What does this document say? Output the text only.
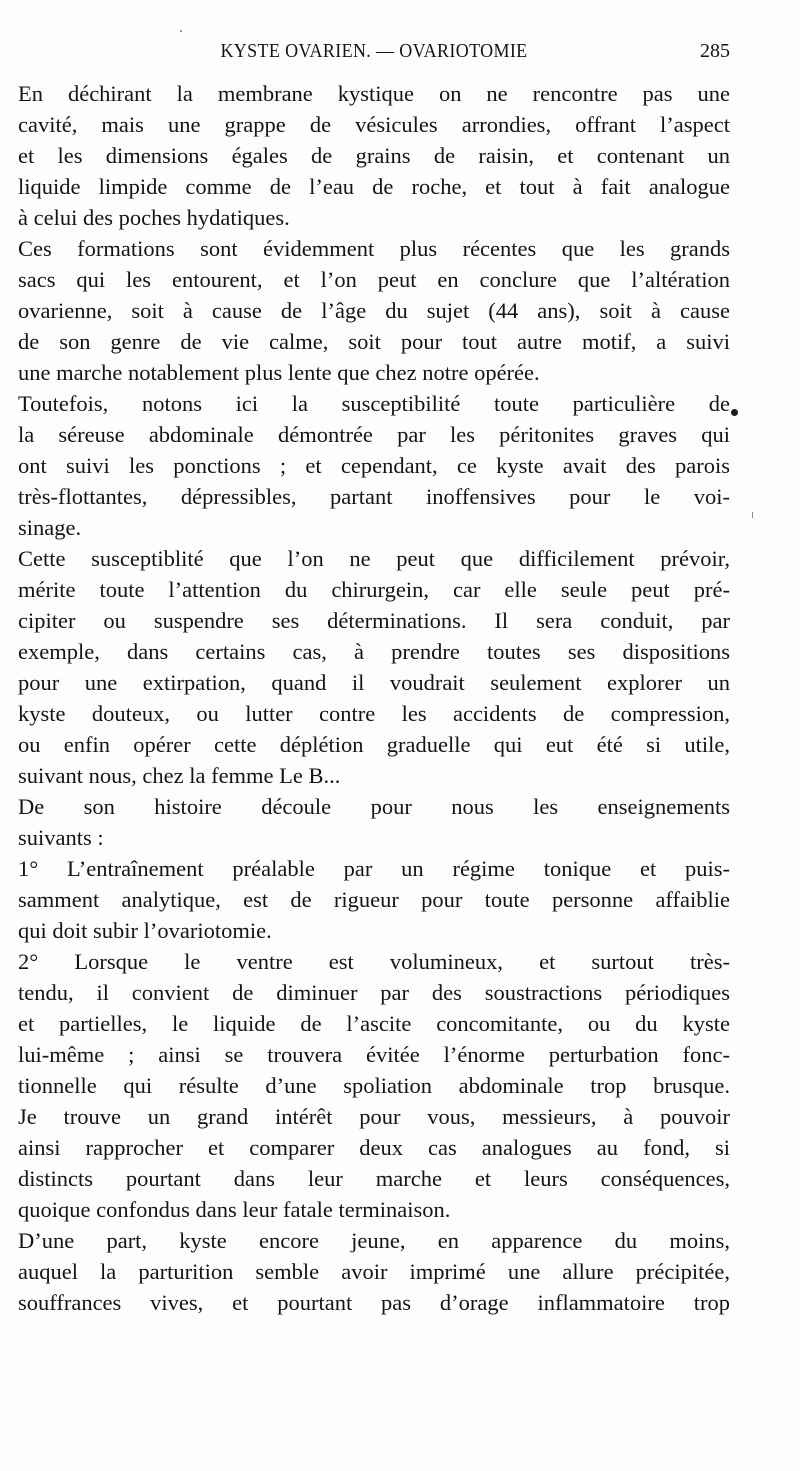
KYSTE OVARIEN. — OVARIOTOMIE	285
En déchirant la membrane kystique on ne rencontre pas une
cavité, mais une grappe de vésicules arrondies, offrant l’aspect
et les dimensions égales de grains de raisin, et contenant un
liquide limpide comme de l’eau de roche, et tout à fait analogue
à celui des poches hydatiques.
Ces formations sont évidemment plus récentes que les grands
sacs qui les entourent, et l’on peut en conclure que l’altération
ovarienne, soit à cause de l’âge du sujet (44 ans), soit à cause
de son genre de vie calme, soit pour tout autre motif, a suivi
une marche notablement plus lente que chez notre opérée.
Toutefois, notons ici la susceptibilité toute particulière de
la séreuse abdominale démontrée par les péritonites graves qui
ont suivi les ponctions ; et cependant, ce kyste avait des parois
très-flottantes, dépressibles, partant inoffensives pour le voi-
sinage.
Cette susceptiblité que l’on ne peut que difficilement prévoir,
mérite toute l’attention du chirurgein, car elle seule peut pré-
cipiter ou suspendre ses déterminations. Il sera conduit, par
exemple, dans certains cas, à prendre toutes ses dispositions
pour une extirpation, quand il voudrait seulement explorer un
kyste douteux, ou lutter contre les accidents de compression,
ou enfin opérer cette déplétion graduelle qui eut été si utile,
suivant nous, chez la femme Le B...
De son histoire découle pour nous les enseignements
suivants :
1° L’entraînement préalable par un régime tonique et puis-
samment analytique, est de rigueur pour toute personne affaiblie
qui doit subir l’ovariotomie.
2° Lorsque le ventre est volumineux, et surtout très-
tendu, il convient de diminuer par des soustractions périodiques
et partielles, le liquide de l’ascite concomitante, ou du kyste
lui-même ; ainsi se trouvera évitée l’énorme perturbation fonc-
tionnelle qui résulte d’une spoliation abdominale trop brusque.
Je trouve un grand intérêt pour vous, messieurs, à pouvoir
ainsi rapprocher et comparer deux cas analogues au fond, si
distincts pourtant dans leur marche et leurs conséquences,
quoique confondus dans leur fatale terminaison.
D’une part, kyste encore jeune, en apparence du moins,
auquel la parturition semble avoir imprimé une allure précipitée,
souffrances vives, et pourtant pas d’orage inflammatoire trop
